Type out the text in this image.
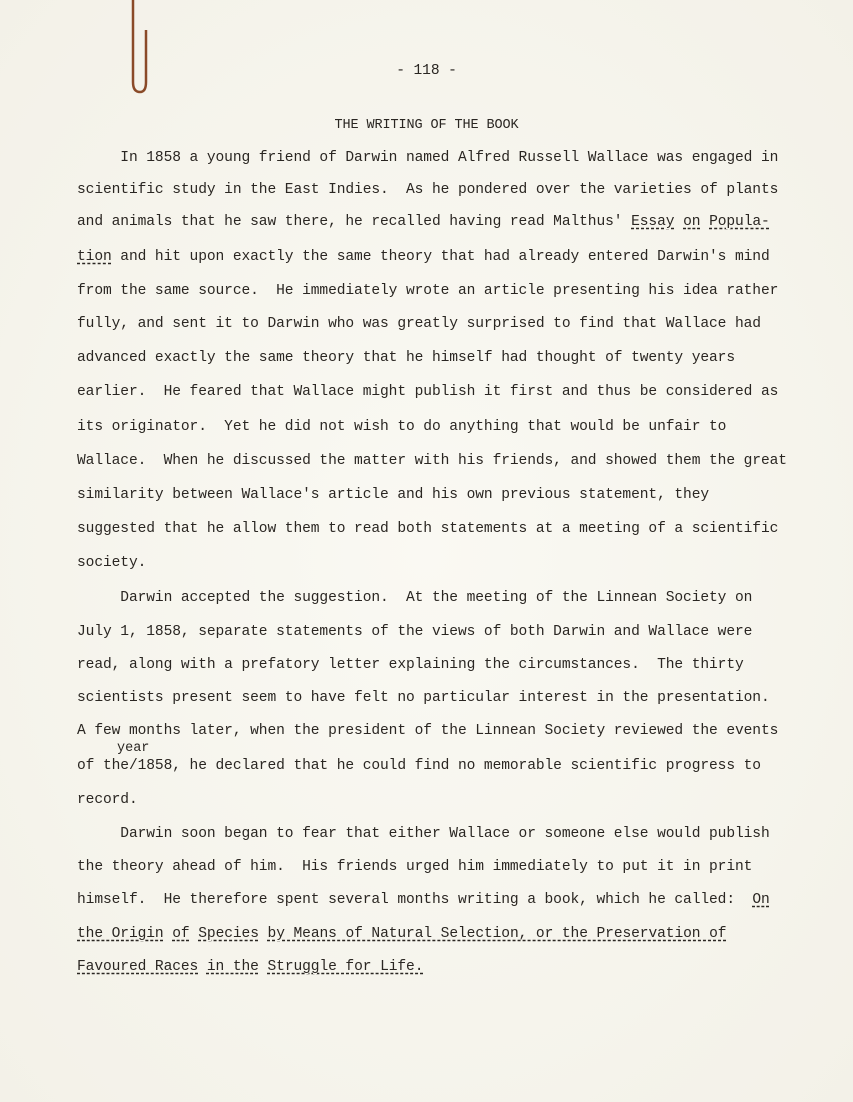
- 118 -
THE WRITING OF THE BOOK
year
In 1858 a young friend of Darwin named Alfred Russell Wallace was engaged in
scientific study in the East Indies.  As he pondered over the varieties of plants
and animals that he saw there, he recalled having read Malthus' Essay on Popula-
tion and hit upon exactly the same theory that had already entered Darwin's mind
from the same source.  He immediately wrote an article presenting his idea rather
fully, and sent it to Darwin who was greatly surprised to find that Wallace had
advanced exactly the same theory that he himself had thought of twenty years
earlier.  He feared that Wallace might publish it first and thus be considered as
its originator.  Yet he did not wish to do anything that would be unfair to
Wallace.  When he discussed the matter with his friends, and showed them the great
similarity between Wallace's article and his own previous statement, they
suggested that he allow them to read both statements at a meeting of a scientific
society.
Darwin accepted the suggestion.  At the meeting of the Linnean Society on
July 1, 1858, separate statements of the views of both Darwin and Wallace were
read, along with a prefatory letter explaining the circumstances.  The thirty
scientists present seem to have felt no particular interest in the presentation.
A few months later, when the president of the Linnean Society reviewed the events
of the/1858, he declared that he could find no memorable scientific progress to
record.
Darwin soon began to fear that either Wallace or someone else would publish
the theory ahead of him.  His friends urged him immediately to put it in print
himself.  He therefore spent several months writing a book, which he called:  On
the Origin of Species by Means of Natural Selection, or the Preservation of
Favoured Races in the Struggle for Life.
